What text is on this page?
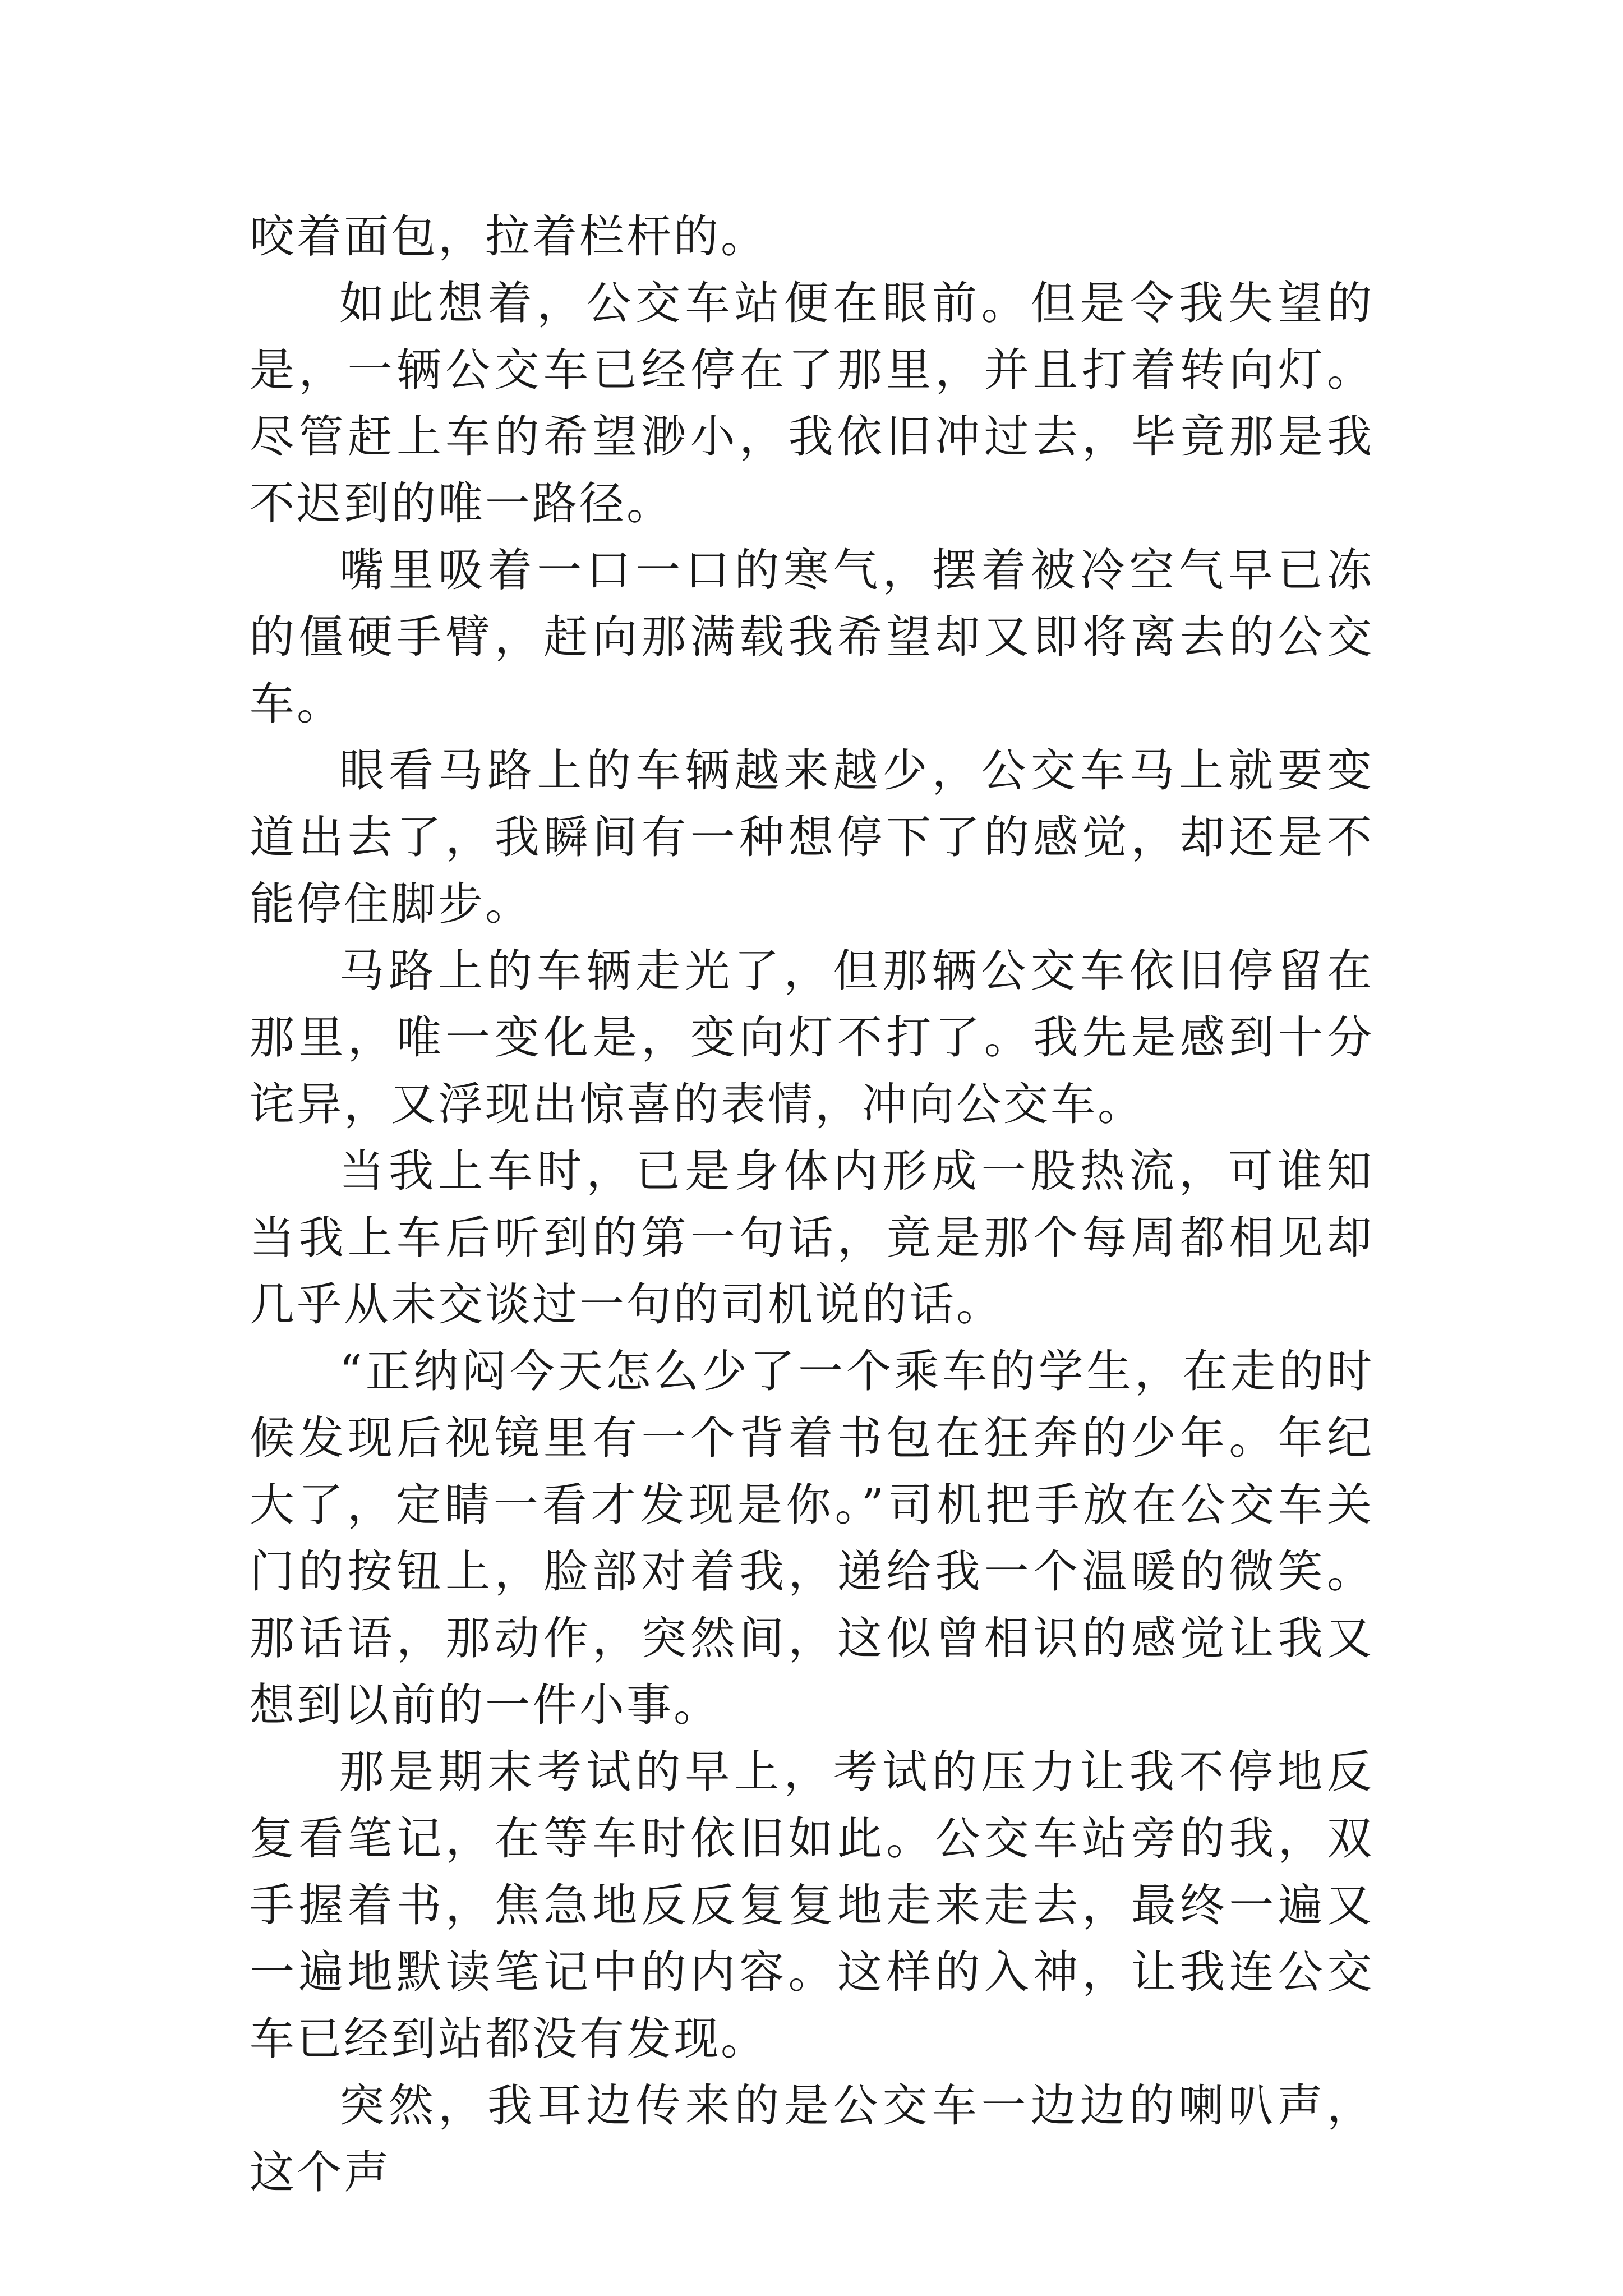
咬着面包，拉着栏杆的。

如此想着，公交车站便在眼前。但是令我失望的是，一辆公交车已经停在了那里，并且打着转向灯。尽管赶上车的希望渺小，我依旧冲过去，毕竟那是我不迟到的唯一路径。

嘴里吸着一口一口的寒气，摆着被冷空气早已冻的僵硬手臂，赶向那满载我希望却又即将离去的公交车。

眼看马路上的车辆越来越少，公交车马上就要变道出去了，我瞬间有一种想停下了的感觉，却还是不能停住脚步。

马路上的车辆走光了，但那辆公交车依旧停留在那里，唯一变化是，变向灯不打了。我先是感到十分诧异，又浮现出惊喜的表情，冲向公交车。

当我上车时，已是身体内形成一股热流，可谁知当我上车后听到的第一句话，竟是那个每周都相见却几乎从未交谈过一句的司机说的话。

“正纳闷今天怎么少了一个乘车的学生，在走的时候发现后视镜里有一个背着书包在狂奔的少年。年纪大了，定睛一看才发现是你。”司机把手放在公交车关门的按钮上，脸部对着我，递给我一个温暖的微笑。那话语，那动作，突然间，这似曾相识的感觉让我又想到以前的一件小事。

那是期末考试的早上，考试的压力让我不停地反复看笔记，在等车时依旧如此。公交车站旁的我，双手握着书，焦急地反反复复地走来走去，最终一遍又一遍地默读笔记中的内容。这样的入神，让我连公交车已经到站都没有发现。

突然，我耳边传来的是公交车一边边的喇叭声，这个声
